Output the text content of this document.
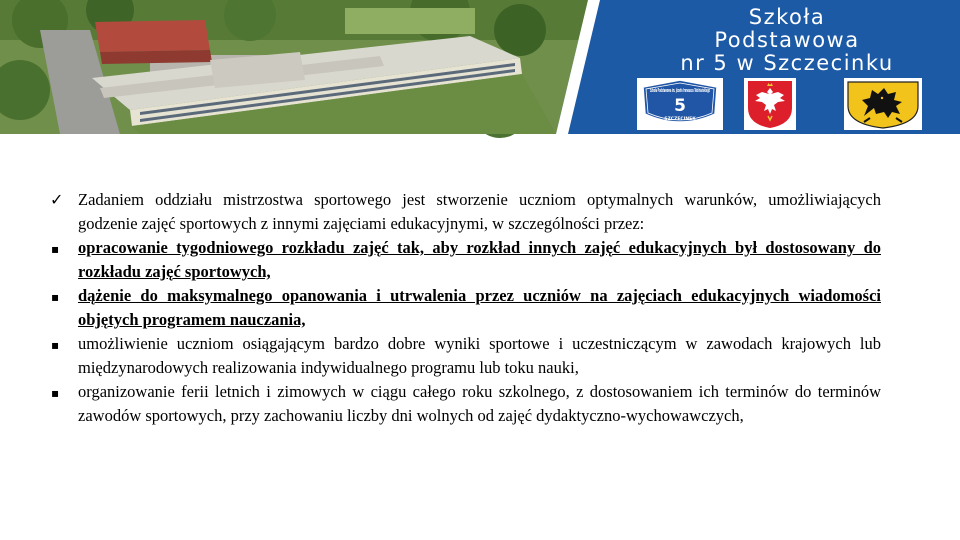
Szkoła
Podstawowa
nr 5 w Szczecinku
5
SZCZECINEK
✓ Zadaniem oddziału mistrzostwa sportowego jest stworzenie uczniom optymalnych warunków, umożliwiających godzenie zajęć sportowych z innymi zajęciami edukacyjnymi, w szczególności przez:
▪	opracowanie tygodniowego rozkładu zajęć tak, aby rozkład innych zajęć edukacyjnych był dostosowany do rozkładu zajęć sportowych,
▪	dążenie do maksymalnego opanowania i utrwalenia przez uczniów na zajęciach edukacyjnych wiadomości objętych programem nauczania,
▪	umożliwienie uczniom osiągającym bardzo dobre wyniki sportowe i uczestniczącym w zawodach krajowych lub międzynarodowych realizowania indywidualnego programu lub toku nauki,
▪	organizowanie ferii letnich i zimowych w ciągu całego roku szkolnego, z dostosowaniem ich terminów do terminów zawodów sportowych, przy zachowaniu liczby dni wolnych od zajęć dydaktyczno-wychowawczych,
